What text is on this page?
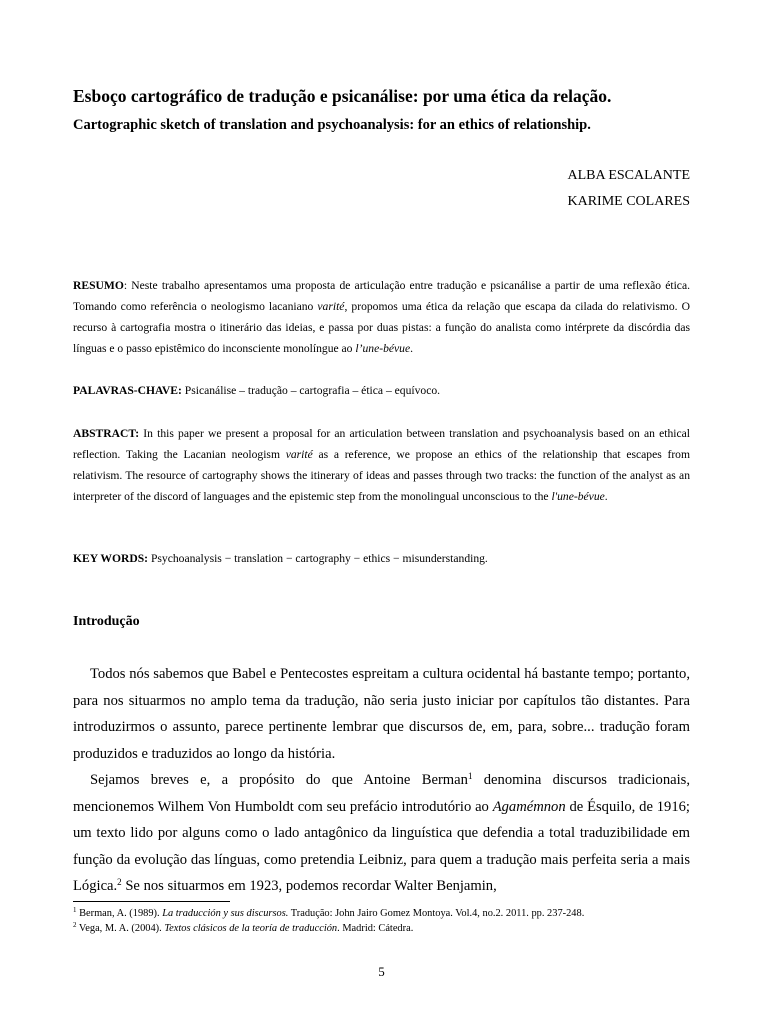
Esboço cartográfico de tradução e psicanálise: por uma ética da relação.
Cartographic sketch of translation and psychoanalysis: for an ethics of relationship.
ALBA ESCALANTE
KARIME COLARES
RESUMO: Neste trabalho apresentamos uma proposta de articulação entre tradução e psicanálise a partir de uma reflexão ética. Tomando como referência o neologismo lacaniano varité, propomos uma ética da relação que escapa da cilada do relativismo. O recurso à cartografia mostra o itinerário das ideias, e passa por duas pistas: a função do analista como intérprete da discórdia das línguas e o passo epistêmico do inconsciente monolíngue ao l’une-bévue.
PALAVRAS-CHAVE: Psicanálise – tradução – cartografia – ética – equívoco.
ABSTRACT: In this paper we present a proposal for an articulation between translation and psychoanalysis based on an ethical reflection. Taking the Lacanian neologism varité as a reference, we propose an ethics of the relationship that escapes from relativism. The resource of cartography shows the itinerary of ideas and passes through two tracks: the function of the analyst as an interpreter of the discord of languages and the epistemic step from the monolingual unconscious to the l'une-bévue.
KEY WORDS: Psychoanalysis − translation − cartography − ethics − misunderstanding.
Introdução

Todos nós sabemos que Babel e Pentecostes espreitam a cultura ocidental há bastante tempo; portanto, para nos situarmos no amplo tema da tradução, não seria justo iniciar por capítulos tão distantes. Para introduzirmos o assunto, parece pertinente lembrar que discursos de, em, para, sobre... tradução foram produzidos e traduzidos ao longo da história.

Sejamos breves e, a propósito do que Antoine Berman$^1$ denomina discursos tradicionais, mencionemos Wilhem Von Humboldt com seu prefácio introdutório ao Agamémnon de Ésquilo, de 1916; um texto lido por alguns como o lado antagônico da linguística que defendia a total traduzibilidade em função da evolução das línguas, como pretendia Leibniz, para quem a tradução mais perfeita seria a mais Lógica.$^2$ Se nos situarmos em 1923, podemos recordar Walter Benjamin,

$^1$ Berman, A. (1989). La traducción y sus discursos. Tradução: John Jairo Gomez Montoya. Vol.4, no.2. 2011. pp. 237-248.
$^2$ Vega, M. A. (2004). Textos clásicos de la teoría de traducción. Madrid: Cátedra.
5
